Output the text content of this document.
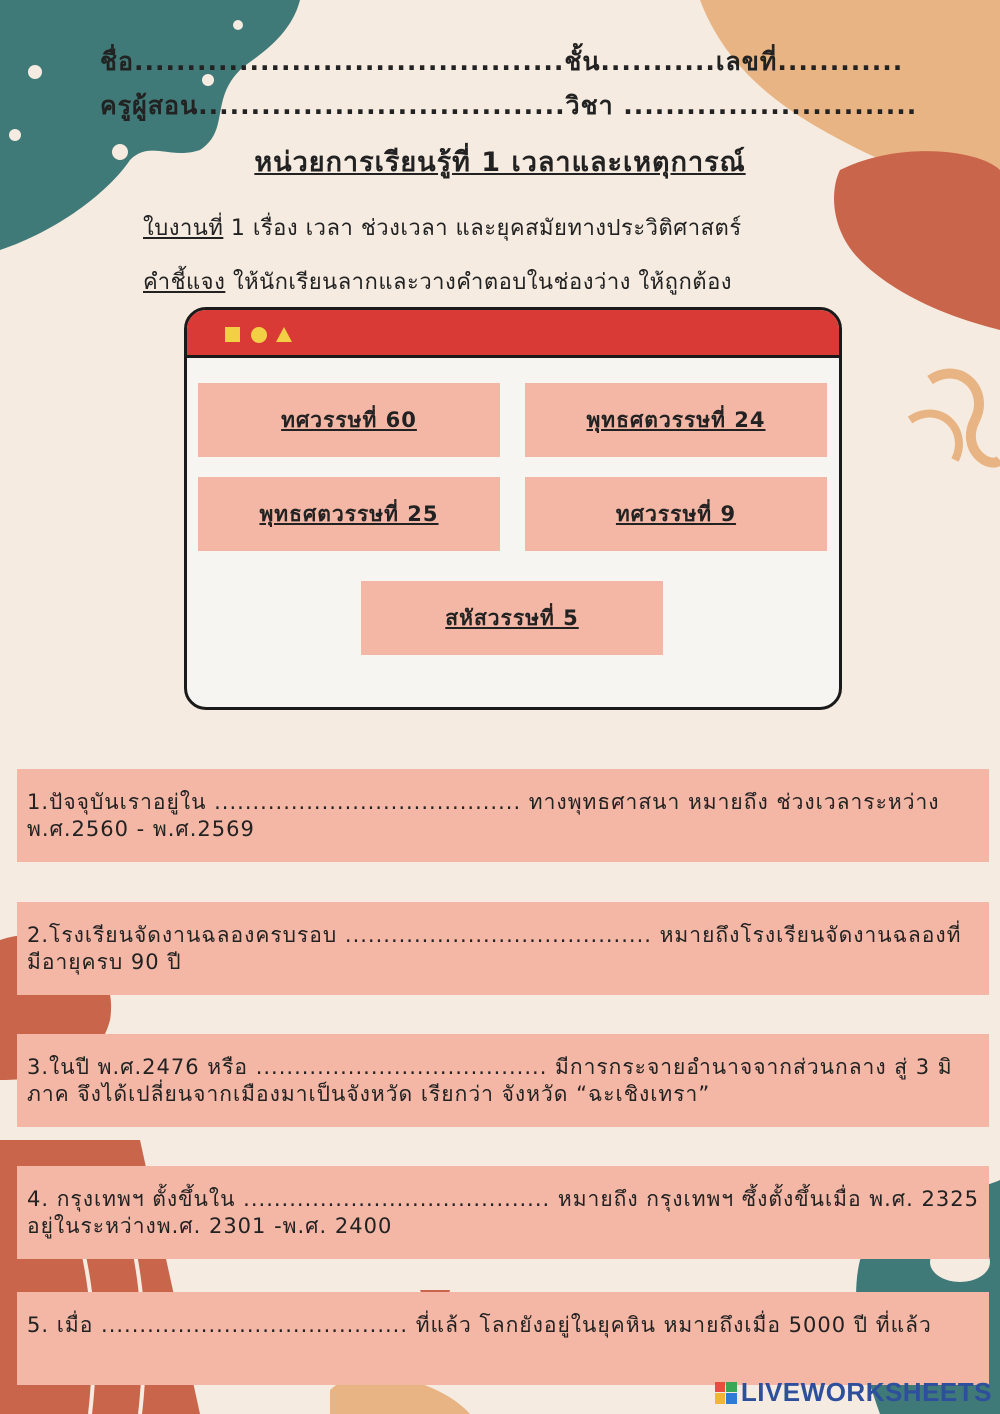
ชื่อ.........................................ชั้น...........เลขที่............
ครูผู้สอน...................................วิชา ............................
หน่วยการเรียนรู้ที่ 1 เวลาและเหตุการณ์
ใบงานที่ 1 เรื่อง เวลา ช่วงเวลา และยุคสมัยทางประวิติศาสตร์
คำชี้แจง ให้นักเรียนลากและวางคำตอบในช่องว่าง ให้ถูกต้อง
ทศวรรษที่ 60	พุทธศตวรรษที่ 24
พุทธศตวรรษที่ 25	ทศวรรษที่ 9
สหัสวรรษที่ 5
1.ปัจจุบันเราอยู่ใน ........................................ ทางพุทธศาสนา หมายถึง ช่วงเวลาระหว่าง พ.ศ.2560 - พ.ศ.2569
2.โรงเรียนจัดงานฉลองครบรอบ ........................................ หมายถึงโรงเรียนจัดงานฉลองที่มีอายุครบ 90 ปี
3.ในปี พ.ศ.2476 หรือ ...................................... มีการกระจายอำนาจจากส่วนกลาง สู่ 3 มิภาค จึงได้เปลี่ยนจากเมืองมาเป็นจังหวัด เรียกว่า จังหวัด “ฉะเชิงเทรา”
4. กรุงเทพฯ ตั้งขึ้นใน ........................................ หมายถึง กรุงเทพฯ ซึ้งตั้งขึ้นเมื่อ พ.ศ. 2325 อยู่ในระหว่างพ.ศ. 2301 -พ.ศ. 2400
5. เมื่อ ........................................ ที่แล้ว โลกยังอยู่ในยุคหิน หมายถึงเมื่อ 5000 ปี ที่แล้ว
LIVEWORKSHEETS
